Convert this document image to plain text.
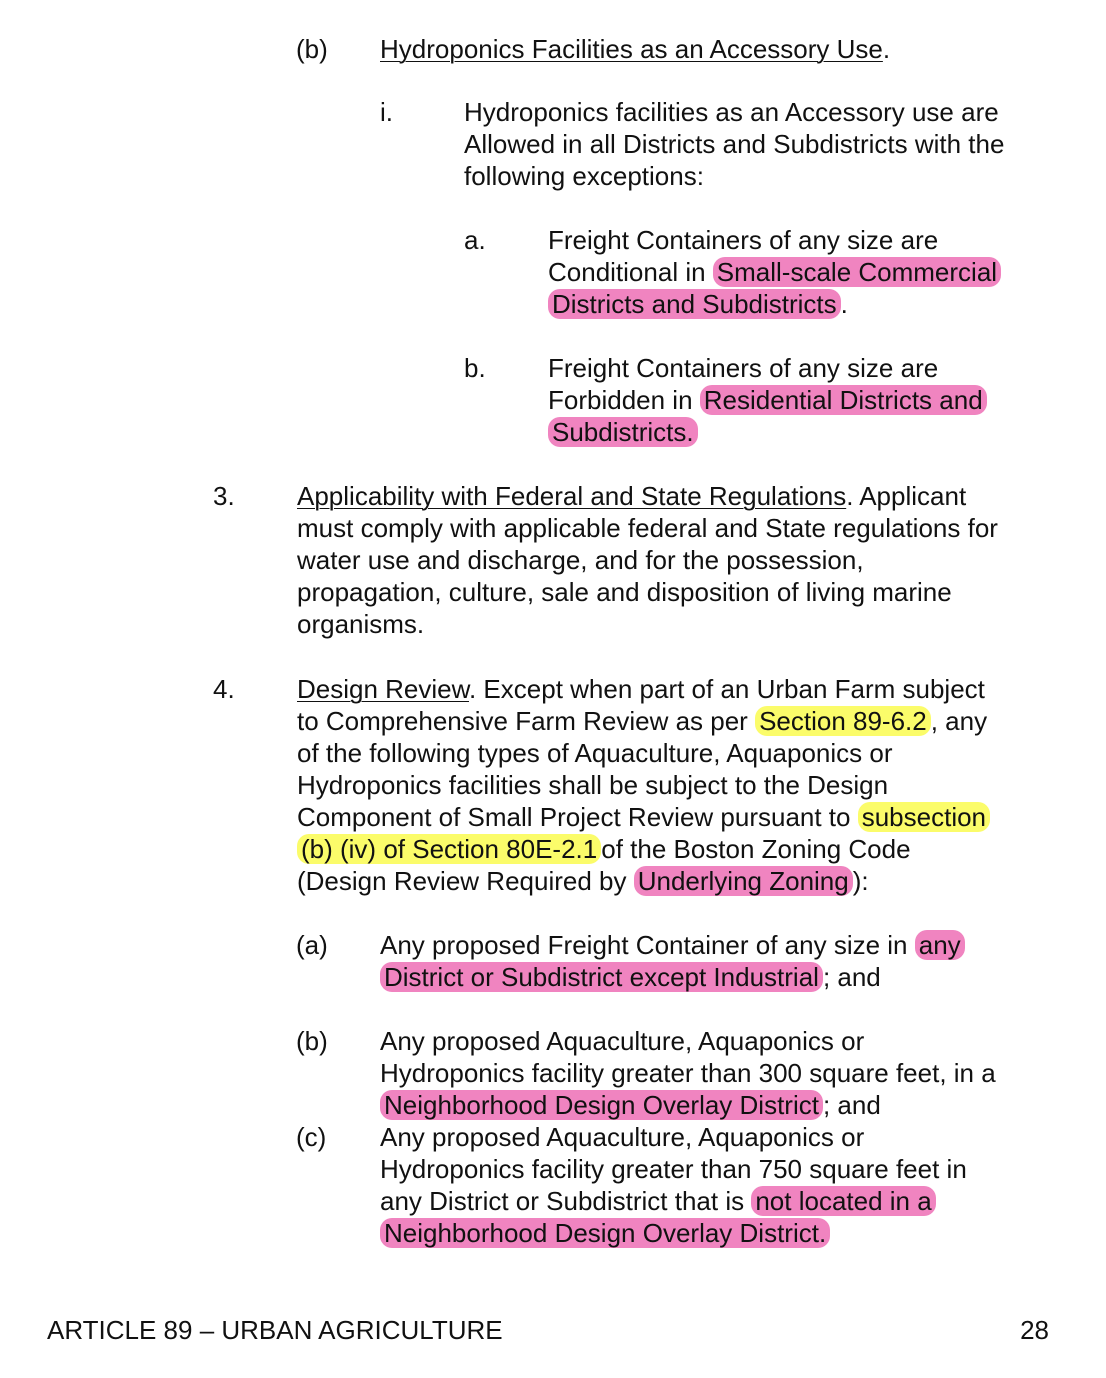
(b) Hydroponics Facilities as an Accessory Use.
i.	Hydroponics facilities as an Accessory use are
Allowed in all Districts and Subdistricts with the
following exceptions:
a. Freight Containers of any size are
Conditional in Small-scale Commercial
Districts and Subdistricts .
b. Freight Containers of any size are
Forbidden in Residential Districts and
Subdistricts.
3. Applicability with Federal and State Regulations. Applicant
must comply with applicable federal and State regulations for
water use and discharge, and for the possession,
propagation, culture, sale and disposition of living marine
organisms.
4. Design Review. Except when part of an Urban Farm subject
to Comprehensive Farm Review as per Section 89-6.2 , any
of the following types of Aquaculture, Aquaponics or
Hydroponics facilities shall be subject to the Design
Component of Small Project Review pursuant to subsection
(b) (iv) of Section 80E-2.1 of the Boston Zoning Code
(Design Review Required by Underlying Zoning ):
(a) Any proposed Freight Container of any size in any
District or Subdistrict except Industrial ; and
(b) Any proposed Aquaculture, Aquaponics or
Hydroponics facility greater than 300 square feet, in a
Neighborhood Design Overlay District ; and
(c) Any proposed Aquaculture, Aquaponics or
Hydroponics facility greater than 750 square feet in
any District or Subdistrict that is not located in a
Neighborhood Design Overlay District.
ARTICLE 89 – URBAN AGRICULTURE	28
